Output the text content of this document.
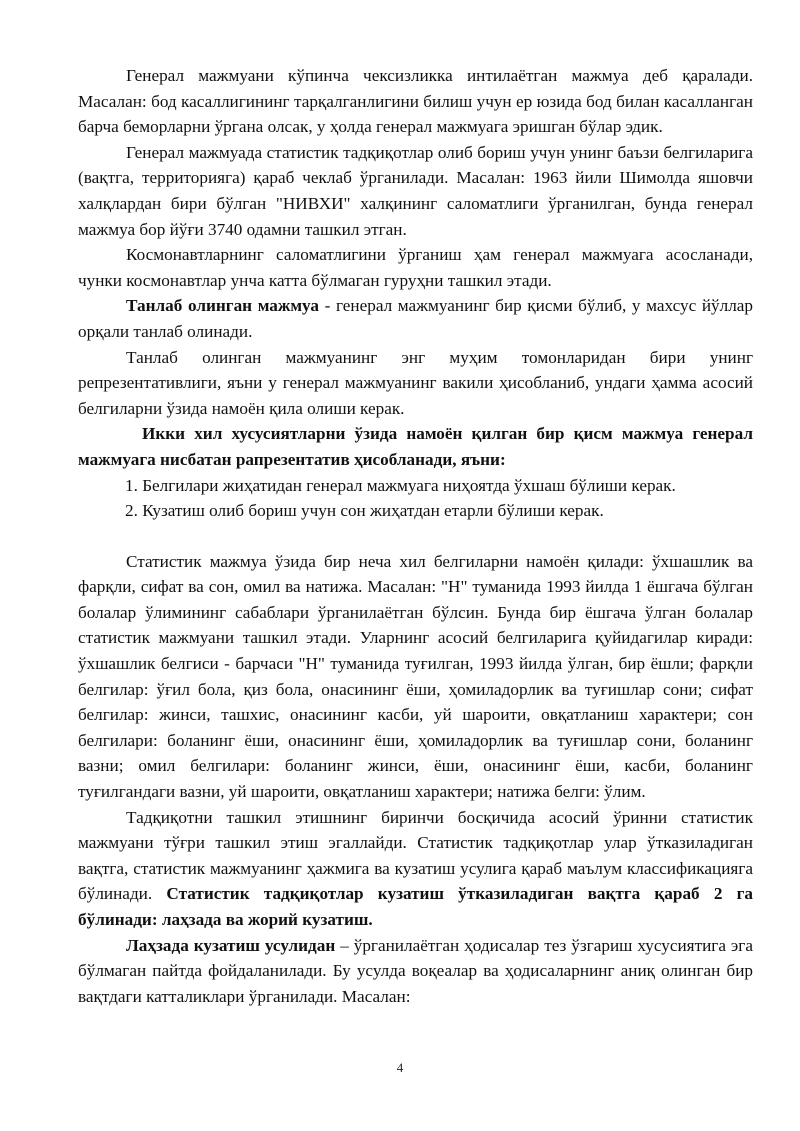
Генерал мажмуани кўпинча чексизликка интилаётган мажмуа деб қаралади. Масалан: бод касаллигининг тарқалганлигини билиш учун ер юзида бод билан касалланган барча беморларни ўргана олсак, у ҳолда генерал мажмуага эришган бўлар эдик.

Генерал мажмуада статистик тадқиқотлар олиб бориш учун унинг баъзи белгиларига (вақтга, территорияга) қараб чеклаб ўрганилади. Масалан: 1963 йили Шимолда яшовчи халқлардан бири бўлган "НИВХИ" халқининг саломатлиги ўрганилган, бунда генерал мажмуа бор йўғи 3740 одамни ташкил этган.

Космонавтларнинг саломатлигини ўрганиш ҳам генерал мажмуага асосланади, чунки космонавтлар унча катта бўлмаган гуруҳни ташкил этади.

Танлаб олинган мажмуа - генерал мажмуанинг бир қисми бўлиб, у махсус йўллар орқали танлаб олинади.

Танлаб олинган мажмуанинг энг муҳим томонларидан бири унинг репрезентативлиги, яъни у генерал мажмуанинг вакили ҳисобланиб, ундаги ҳамма асосий белгиларни ўзида намоён қила олиши керак.

Икки хил хусусиятларни ўзида намоён қилган бир қисм мажмуа генерал мажмуага нисбатан рапрезентатив ҳисобланади, яъни:

1. Белгилари жиҳатидан генерал мажмуага ниҳоятда ўхшаш бўлиши керак.

2. Кузатиш олиб бориш учун сон жиҳатдан етарли бўлиши керак.

Статистик мажмуа ўзида бир неча хил белгиларни намоён қилади: ўхшашлик ва фарқли, сифат ва сон, омил ва натижа. Масалан: "Н" туманида 1993 йилда 1 ёшгача бўлган болалар ўлимининг сабаблари ўрганилаётган бўлсин. Бунда бир ёшгача ўлган болалар статистик мажмуани ташкил этади. Уларнинг асосий белгиларига қуйидагилар киради: ўхшашлик белгиси - барчаси "Н" туманида туғилган, 1993 йилда ўлган, бир ёшли; фарқли белгилар: ўғил бола, қиз бола, онасининг ёши, ҳомиладорлик ва туғишлар сони; сифат белгилар: жинси, ташхис, онасининг касби, уй шароити, овқатланиш характери; сон белгилари: боланинг ёши, онасининг ёши, ҳомиладорлик ва туғишлар сони, боланинг вазни; омил белгилари: боланинг жинси, ёши, онасининг ёши, касби, боланинг туғилгандаги вазни, уй шароити, овқатланиш характери; натижа белги: ўлим.

Тадқиқотни ташкил этишнинг биринчи босқичида асосий ўринни статистик мажмуани тўғри ташкил этиш эгаллайди. Статистик тадқиқотлар улар ўтказиладиган вақтга, статистик мажмуанинг ҳажмига ва кузатиш усулига қараб маълум классификацияга бўлинади. Статистик тадқиқотлар кузатиш ўтказиладиган вақтга қараб 2 га бўлинади: лаҳзада ва жорий кузатиш.

Лаҳзада кузатиш усулидан – ўрганилаётган ҳодисалар тез ўзгариш хусусиятига эга бўлмаган пайтда фойдаланилади. Бу усулда воқеалар ва ҳодисаларнинг аниқ олинган бир вақтдаги катталиклари ўрганилади. Масалан:

4
